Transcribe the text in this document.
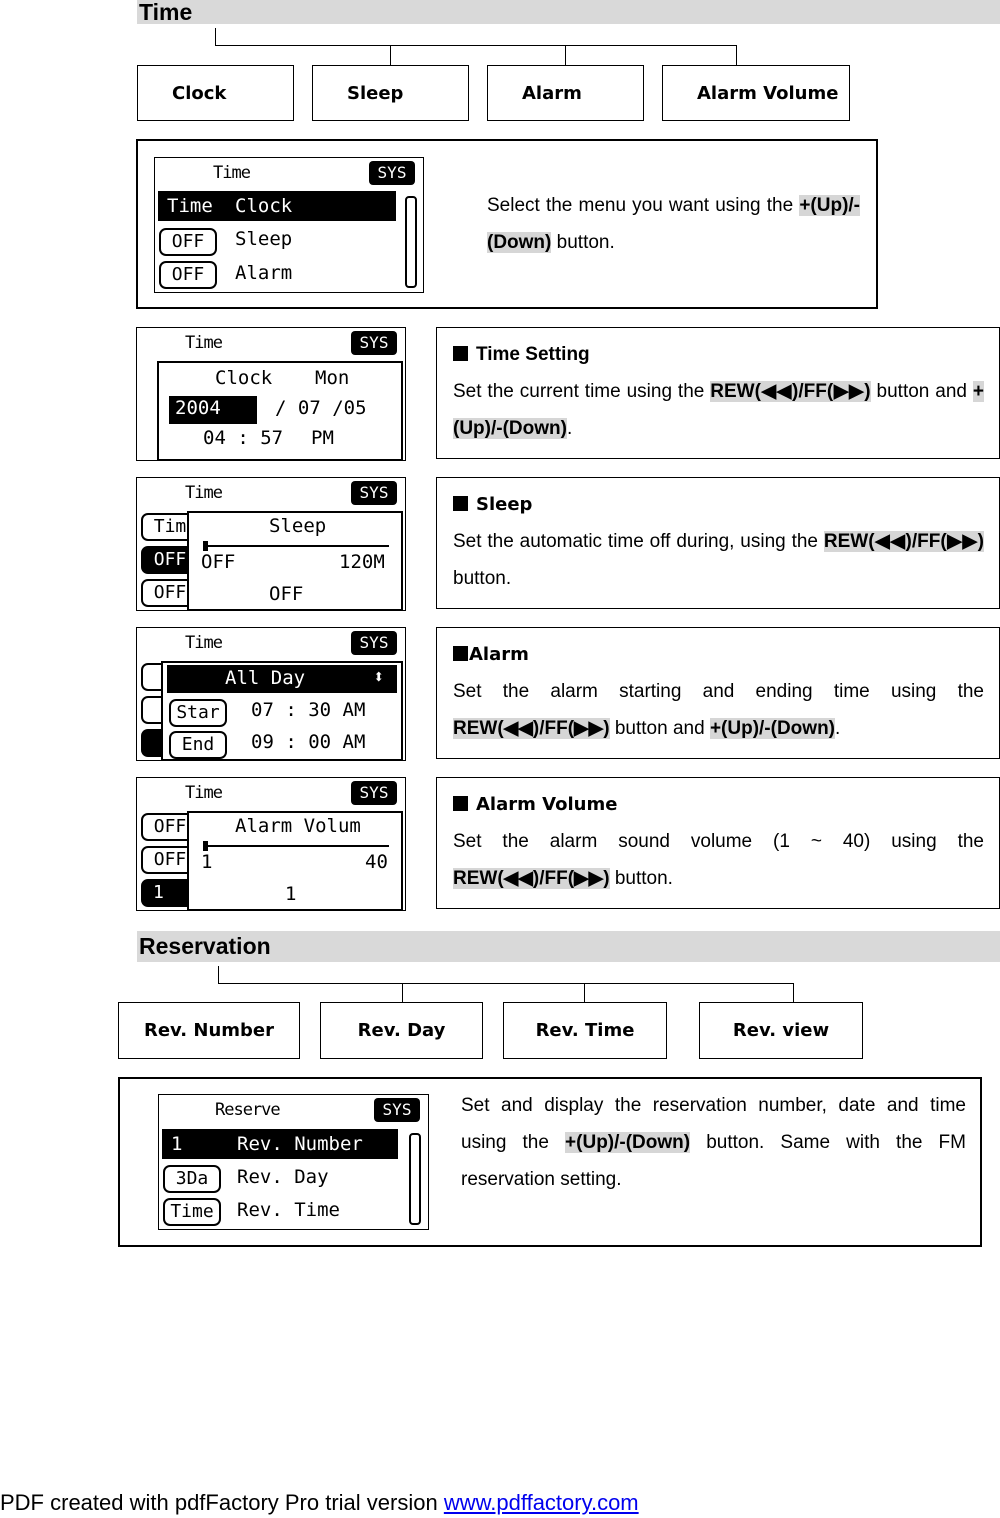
Time
Clock	Sleep	Alarm	Alarm Volume
Time	SYS
Time Clock
OFF	Sleep
OFF	Alarm
Select the menu you want using the +(Up)/-(Down) button.
Time	SYS
Clock Mon
2004	/ 07 /05
04 : 57 PM
Time Setting
Set the current time using the REW(◀◀)/FF(▶▶) button and +(Up)/-(Down).
Time	SYS
Tim
OFF
OFF
Sleep
OFF	120M
OFF
Sleep
Set the automatic time off during, using the REW(◀◀)/FF(▶▶) button.
Time	SYS
All Day	⬍
Star	07 : 30 AM
End	09 : 00 AM
Alarm
Set the alarm starting and ending time using the REW(◀◀)/FF(▶▶) button and +(Up)/-(Down).
Time	SYS
OFF
OFF
1
Alarm Volum
1	40
1
Alarm Volume
Set the alarm sound volume (1 ~ 40) using the REW(◀◀)/FF(▶▶) button.
Reservation
Rev. Number	Rev. Day	Rev. Time	Rev. view
Reserve	SYS
1	Rev. Number
3Da	Rev. Day
Time	Rev. Time
Set and display the reservation number, date and time using the +(Up)/-(Down) button. Same with the FM reservation setting.
PDF created with pdfFactory Pro trial version www.pdffactory.com
